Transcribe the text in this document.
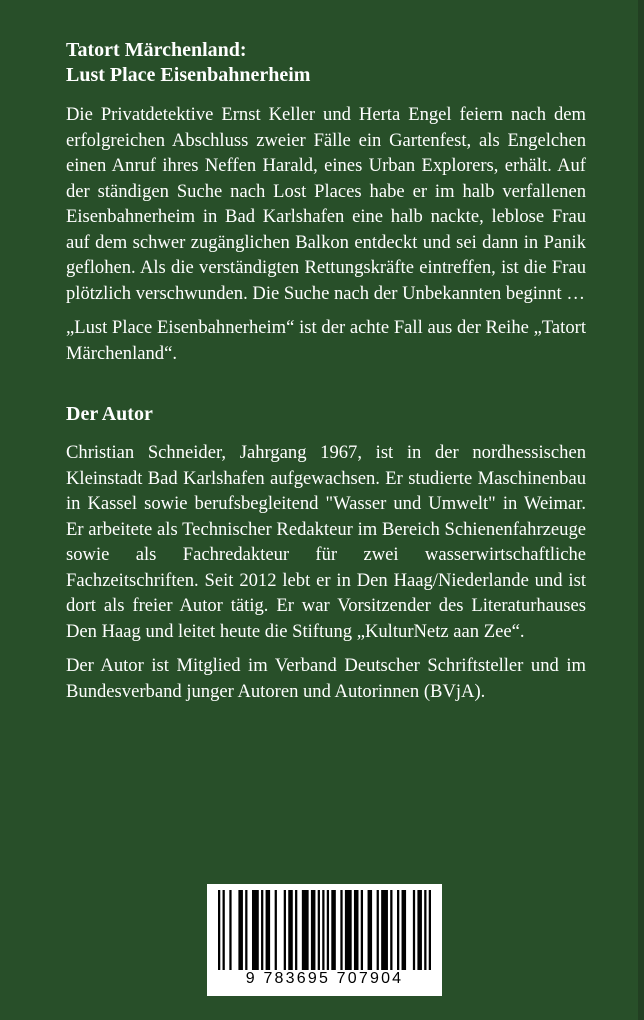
Tatort Märchenland:
Lust Place Eisenbahnerheim

Die Privatdetektive Ernst Keller und Herta Engel feiern nach dem erfolgreichen Abschluss zweier Fälle ein Gartenfest, als Engelchen einen Anruf ihres Neffen Harald, eines Urban Explorers, erhält. Auf der ständigen Suche nach Lost Places habe er im halb verfallenen Eisenbahnerheim in Bad Karlshafen eine halb nackte, leblose Frau auf dem schwer zugänglichen Balkon entdeckt und sei dann in Panik geflohen. Als die verständigten Rettungskräfte eintreffen, ist die Frau plötzlich verschwunden. Die Suche nach der Unbekannten beginnt …

„Lust Place Eisenbahnerheim“ ist der achte Fall aus der Reihe „Tatort Märchenland“.

Der Autor

Christian Schneider, Jahrgang 1967, ist in der nordhessischen Kleinstadt Bad Karlshafen aufgewachsen. Er studierte Maschinenbau in Kassel sowie berufsbegleitend "Wasser und Umwelt" in Weimar. Er arbeitete als Technischer Redakteur im Bereich Schienenfahrzeuge sowie als Fachredakteur für zwei wasserwirtschaftliche Fachzeitschriften. Seit 2012 lebt er in Den Haag/Niederlande und ist dort als freier Autor tätig. Er war Vorsitzender des Literaturhauses Den Haag und leitet heute die Stiftung „KulturNetz aan Zee“.

Der Autor ist Mitglied im Verband Deutscher Schriftsteller und im Bundesverband junger Autoren und Autorinnen (BVjA).

9 783695 707904
